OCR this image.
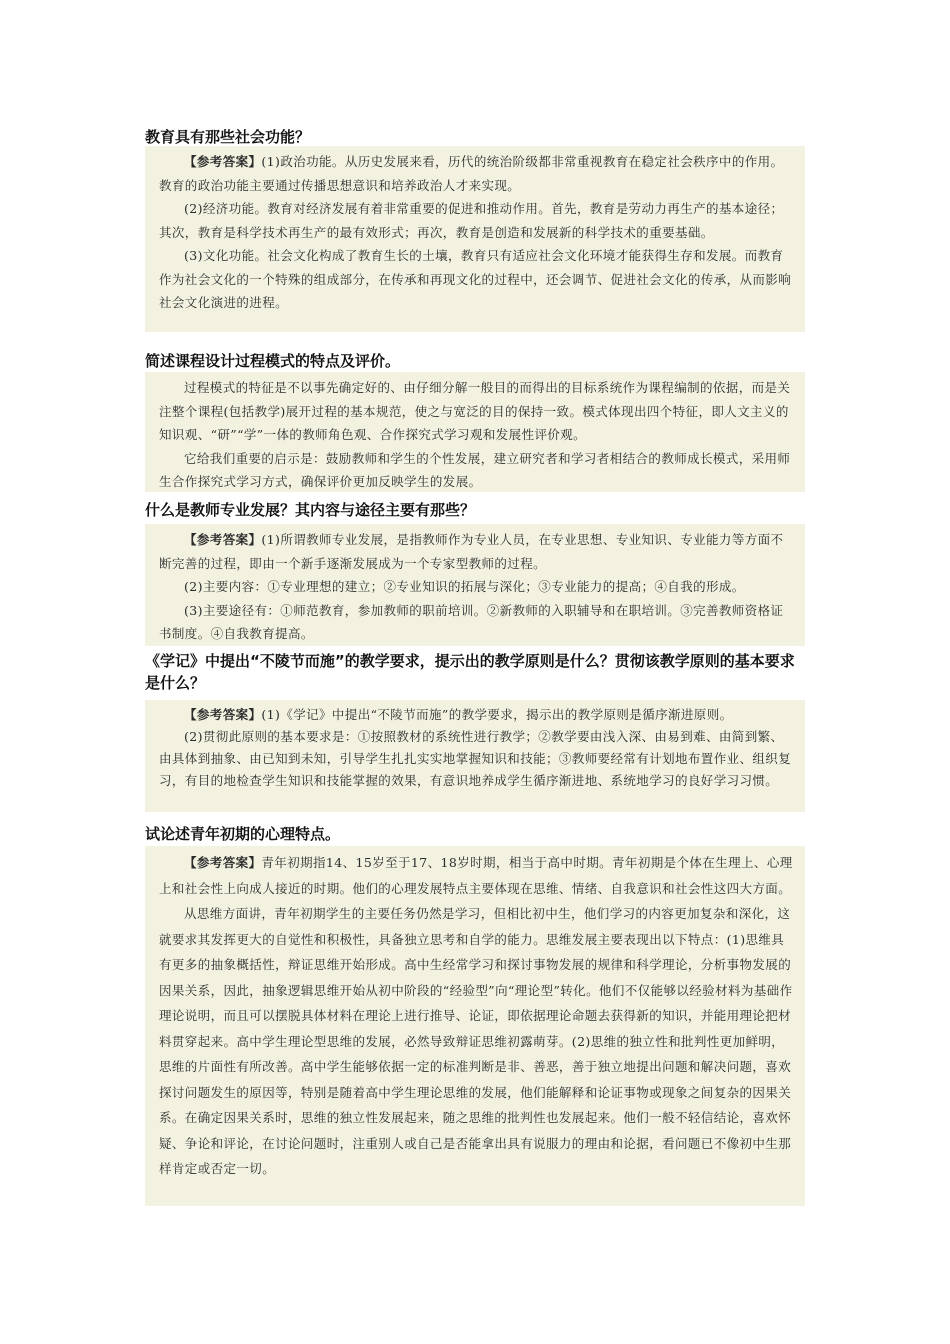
教育具有那些社会功能？

【参考答案】(1)政治功能。从历史发展来看，历代的统治阶级都非常重视教育在稳定社会秩序中的作用。教育的政治功能主要通过传播思想意识和培养政治人才来实现。

(2)经济功能。教育对经济发展有着非常重要的促进和推动作用。首先，教育是劳动力再生产的基本途径；其次，教育是科学技术再生产的最有效形式；再次，教育是创造和发展新的科学技术的重要基础。

(3)文化功能。社会文化构成了教育生长的土壤，教育只有适应社会文化环境才能获得生存和发展。而教育作为社会文化的一个特殊的组成部分，在传承和再现文化的过程中，还会调节、促进社会文化的传承，从而影响社会文化演进的进程。

简述课程设计过程模式的特点及评价。

过程模式的特征是不以事先确定好的、由仔细分解一般目的而得出的目标系统作为课程编制的依据，而是关注整个课程(包括教学)展开过程的基本规范，使之与宽泛的目的保持一致。模式体现出四个特征，即人文主义的知识观、“研”“学”一体的教师角色观、合作探究式学习观和发展性评价观。

它给我们重要的启示是：鼓励教师和学生的个性发展，建立研究者和学习者相结合的教师成长模式，采用师生合作探究式学习方式，确保评价更加反映学生的发展。

什么是教师专业发展？其内容与途径主要有那些？

【参考答案】(1)所谓教师专业发展，是指教师作为专业人员，在专业思想、专业知识、专业能力等方面不断完善的过程，即由一个新手逐渐发展成为一个专家型教师的过程。

(2)主要内容：①专业理想的建立；②专业知识的拓展与深化；③专业能力的提高；④自我的形成。

(3)主要途径有：①师范教育，参加教师的职前培训。②新教师的入职辅导和在职培训。③完善教师资格证书制度。④自我教育提高。

《学记》中提出“不陵节而施”的教学要求，提示出的教学原则是什么？贯彻该教学原则的基本要求是什么？

【参考答案】(1)《学记》中提出“不陵节而施”的教学要求，揭示出的教学原则是循序渐进原则。

(2)贯彻此原则的基本要求是：①按照教材的系统性进行教学；②教学要由浅入深、由易到难、由简到繁、由具体到抽象、由已知到未知，引导学生扎扎实实地掌握知识和技能；③教师要经常有计划地布置作业、组织复习，有目的地检查学生知识和技能掌握的效果，有意识地养成学生循序渐进地、系统地学习的良好学习习惯。

试论述青年初期的心理特点。

【参考答案】青年初期指14、15岁至于17、18岁时期，相当于高中时期。青年初期是个体在生理上、心理上和社会性上向成人接近的时期。他们的心理发展特点主要体现在思维、情绪、自我意识和社会性这四大方面。

从思维方面讲，青年初期学生的主要任务仍然是学习，但相比初中生，他们学习的内容更加复杂和深化，这就要求其发挥更大的自觉性和积极性，具备独立思考和自学的能力。思维发展主要表现出以下特点：(1)思维具有更多的抽象概括性，辩证思维开始形成。高中生经常学习和探讨事物发展的规律和科学理论，分析事物发展的因果关系，因此，抽象逻辑思维开始从初中阶段的“经验型”向“理论型”转化。他们不仅能够以经验材料为基础作理论说明，而且可以摆脱具体材料在理论上进行推导、论证，即依据理论命题去获得新的知识，并能用理论把材料贯穿起来。高中学生理论型思维的发展，必然导致辩证思维初露萌芽。(2)思维的独立性和批判性更加鲜明，思维的片面性有所改善。高中学生能够依据一定的标准判断是非、善恶，善于独立地提出问题和解决问题，喜欢探讨问题发生的原因等，特别是随着高中学生理论思维的发展，他们能解释和论证事物或现象之间复杂的因果关系。在确定因果关系时，思维的独立性发展起来，随之思维的批判性也发展起来。他们一般不轻信结论，喜欢怀疑、争论和评论，在讨论问题时，注重别人或自己是否能拿出具有说服力的理由和论据，看问题已不像初中生那样肯定或否定一切。
